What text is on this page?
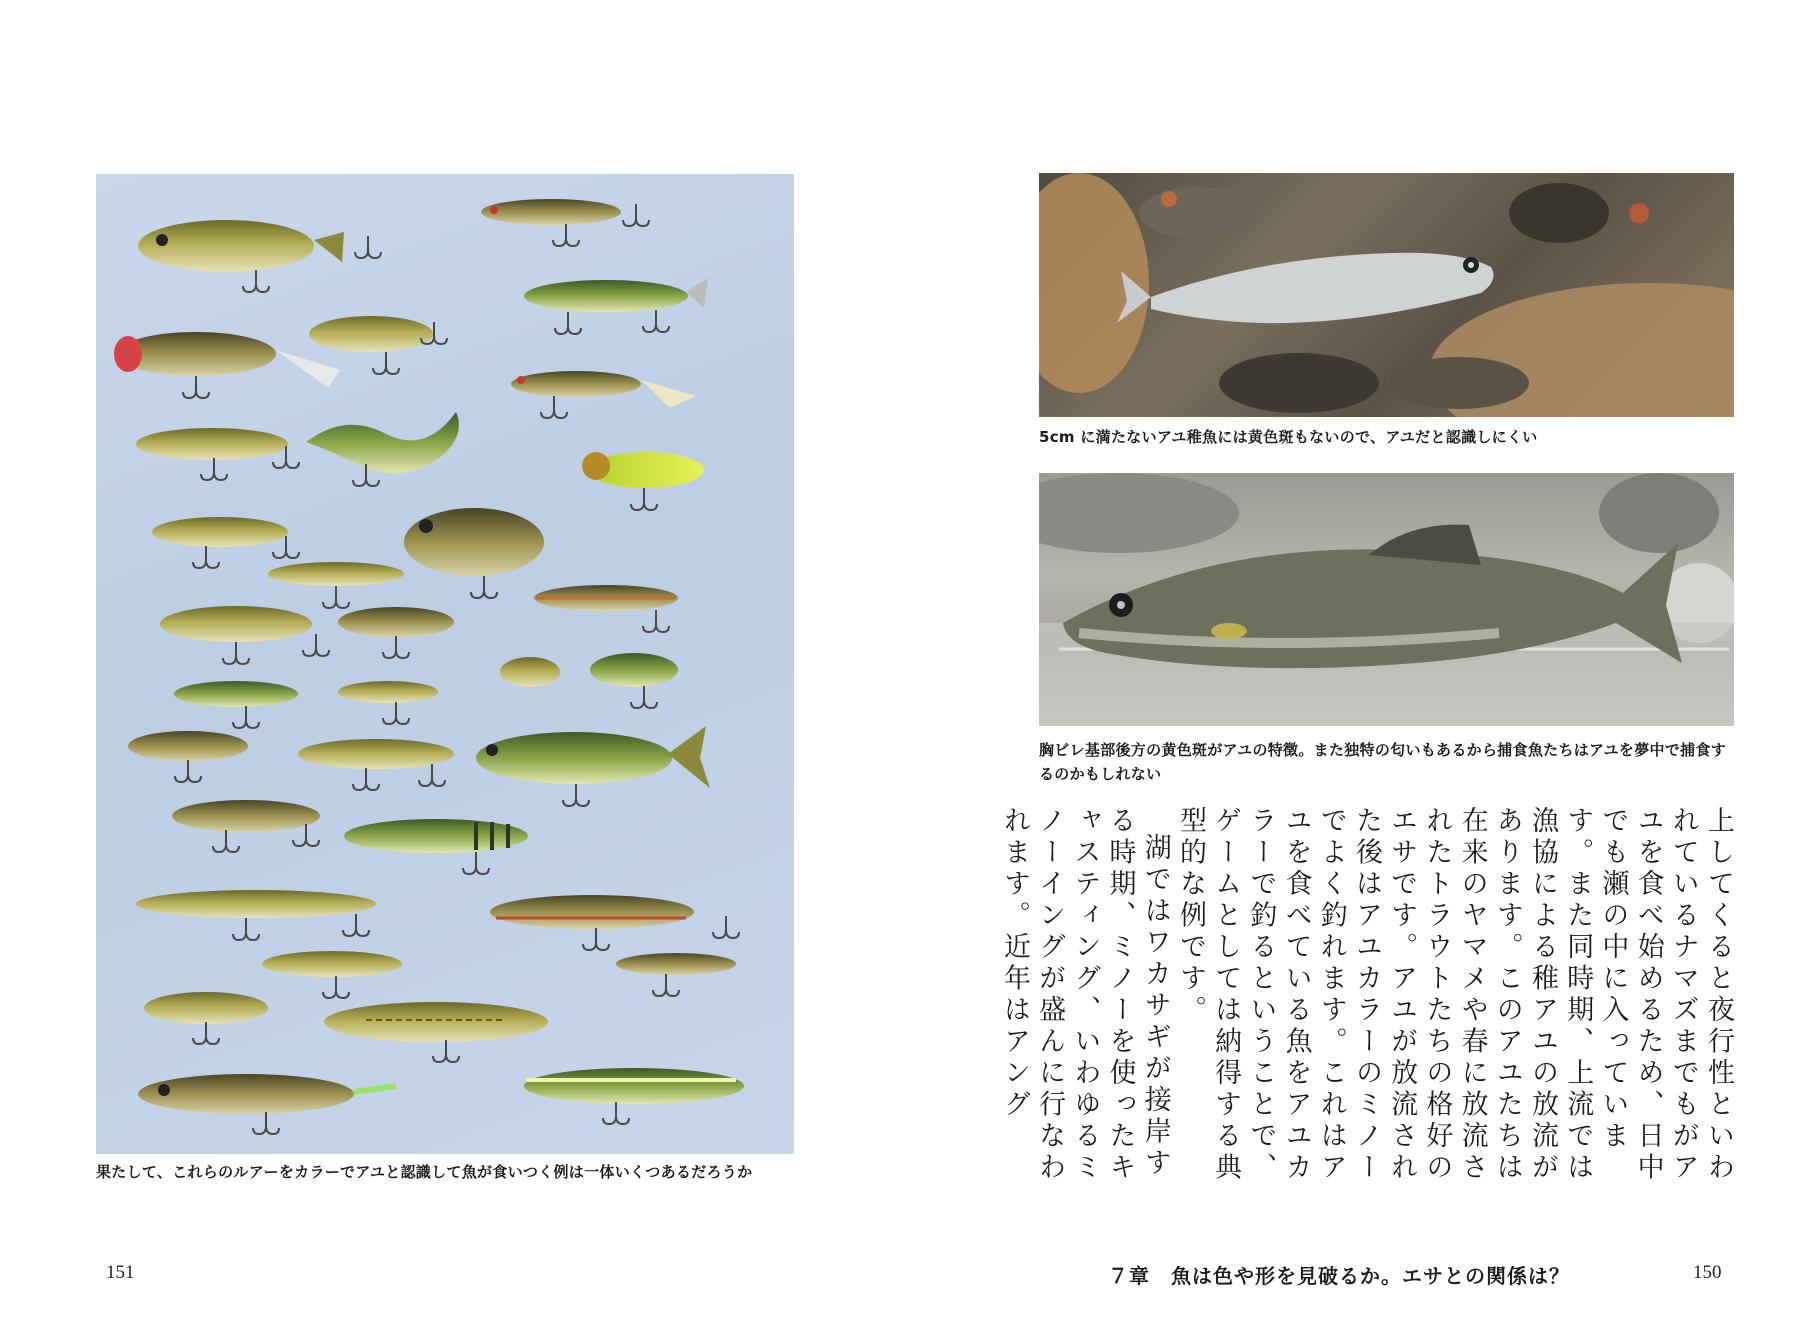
果たして、これらのルアーをカラーでアユと認識して魚が食いつく例は一体いくつあるだろうか
151
5cm に満たないアユ稚魚には黄色斑もないので、アユだと認識しにくい
胸ビレ基部後方の黄色斑がアユの特徴。また独特の匂いもあるから捕食魚たちはアユを夢中で捕食するのかもしれない

上してくると夜行性といわれているナマズまでもがアユを食べ始めるため、日中でも瀬の中に入っています。また同時期、上流では漁協による稚アユの放流があります。このアユたちは在来のヤマメや春に放流されたトラウトたちの格好のエサです。アユが放流された後はアユカラーのミノーでよく釣れます。これはアユを食べている魚をアユカラーで釣るということで、ゲームとしては納得する典型的な例です。

湖ではワカサギが接岸する時期、ミノーを使ったキャスティング、いわゆるミノーイングが盛んに行なわれます。近年はアング

７章　魚は色や形を見破るか。エサとの関係は？	150
